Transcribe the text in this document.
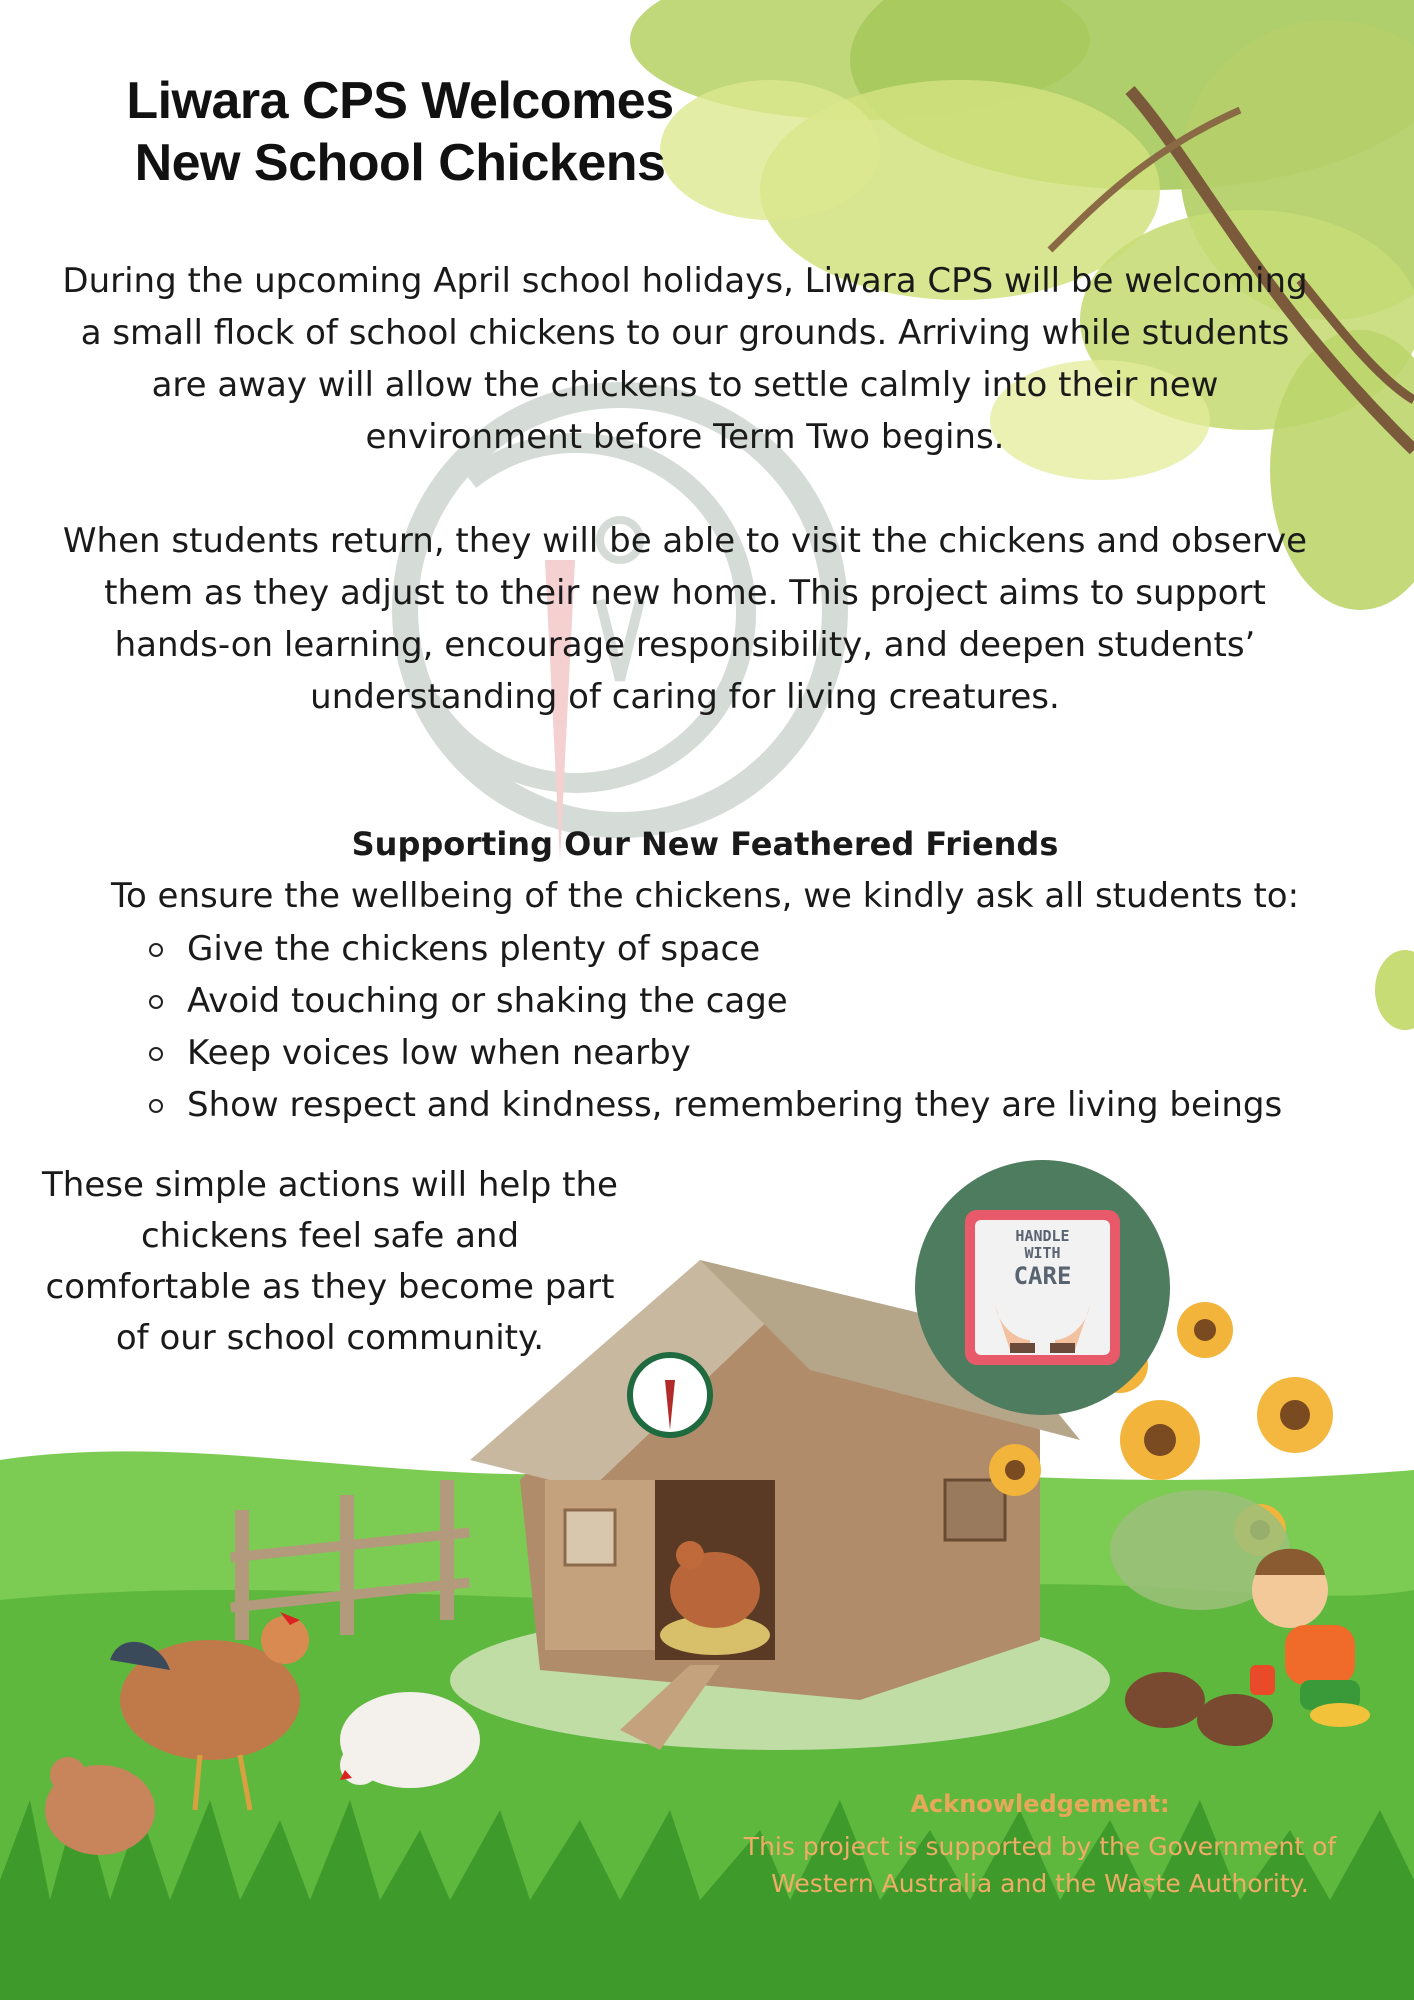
Liwara CPS Welcomes
New School Chickens

During the upcoming April school holidays, Liwara CPS will be welcoming a small flock of school chickens to our grounds. Arriving while students are away will allow the chickens to settle calmly into their new environment before Term Two begins.

When students return, they will be able to visit the chickens and observe them as they adjust to their new home. This project aims to support hands-on learning, encourage responsibility, and deepen students’ understanding of caring for living creatures.

Supporting Our New Feathered Friends

To ensure the wellbeing of the chickens, we kindly ask all students to:

Give the chickens plenty of space
Avoid touching or shaking the cage
Keep voices low when nearby
Show respect and kindness, remembering they are living beings

These simple actions will help the chickens feel safe and comfortable as they become part of our school community.

HANDLE
WITH
CARE

Acknowledgement:

This project is supported by the Government of Western Australia and the Waste Authority.
